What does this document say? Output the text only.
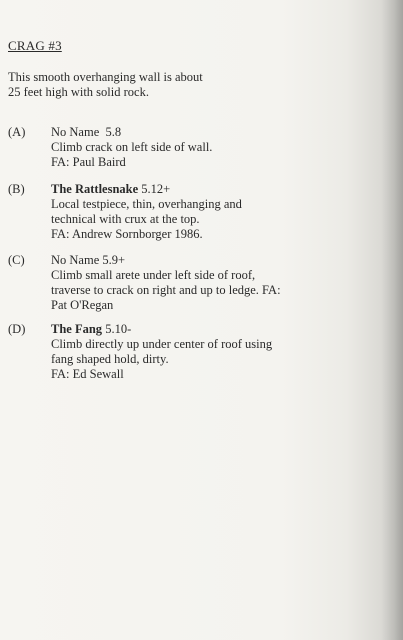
CRAG #3

This smooth overhanging wall is about 25 feet high with solid rock.

(A) No Name 5.8
Climb crack on left side of wall.
FA: Paul Baird
(B) The Rattlesnake 5.12+
Local testpiece, thin, overhanging and technical with crux at the top.
FA: Andrew Sornborger 1986.
(C) No Name 5.9+
Climb small arete under left side of roof, traverse to crack on right and up to ledge. FA: Pat O'Regan
(D) The Fang 5.10-
Climb directly up under center of roof using fang shaped hold, dirty.
FA: Ed Sewall
